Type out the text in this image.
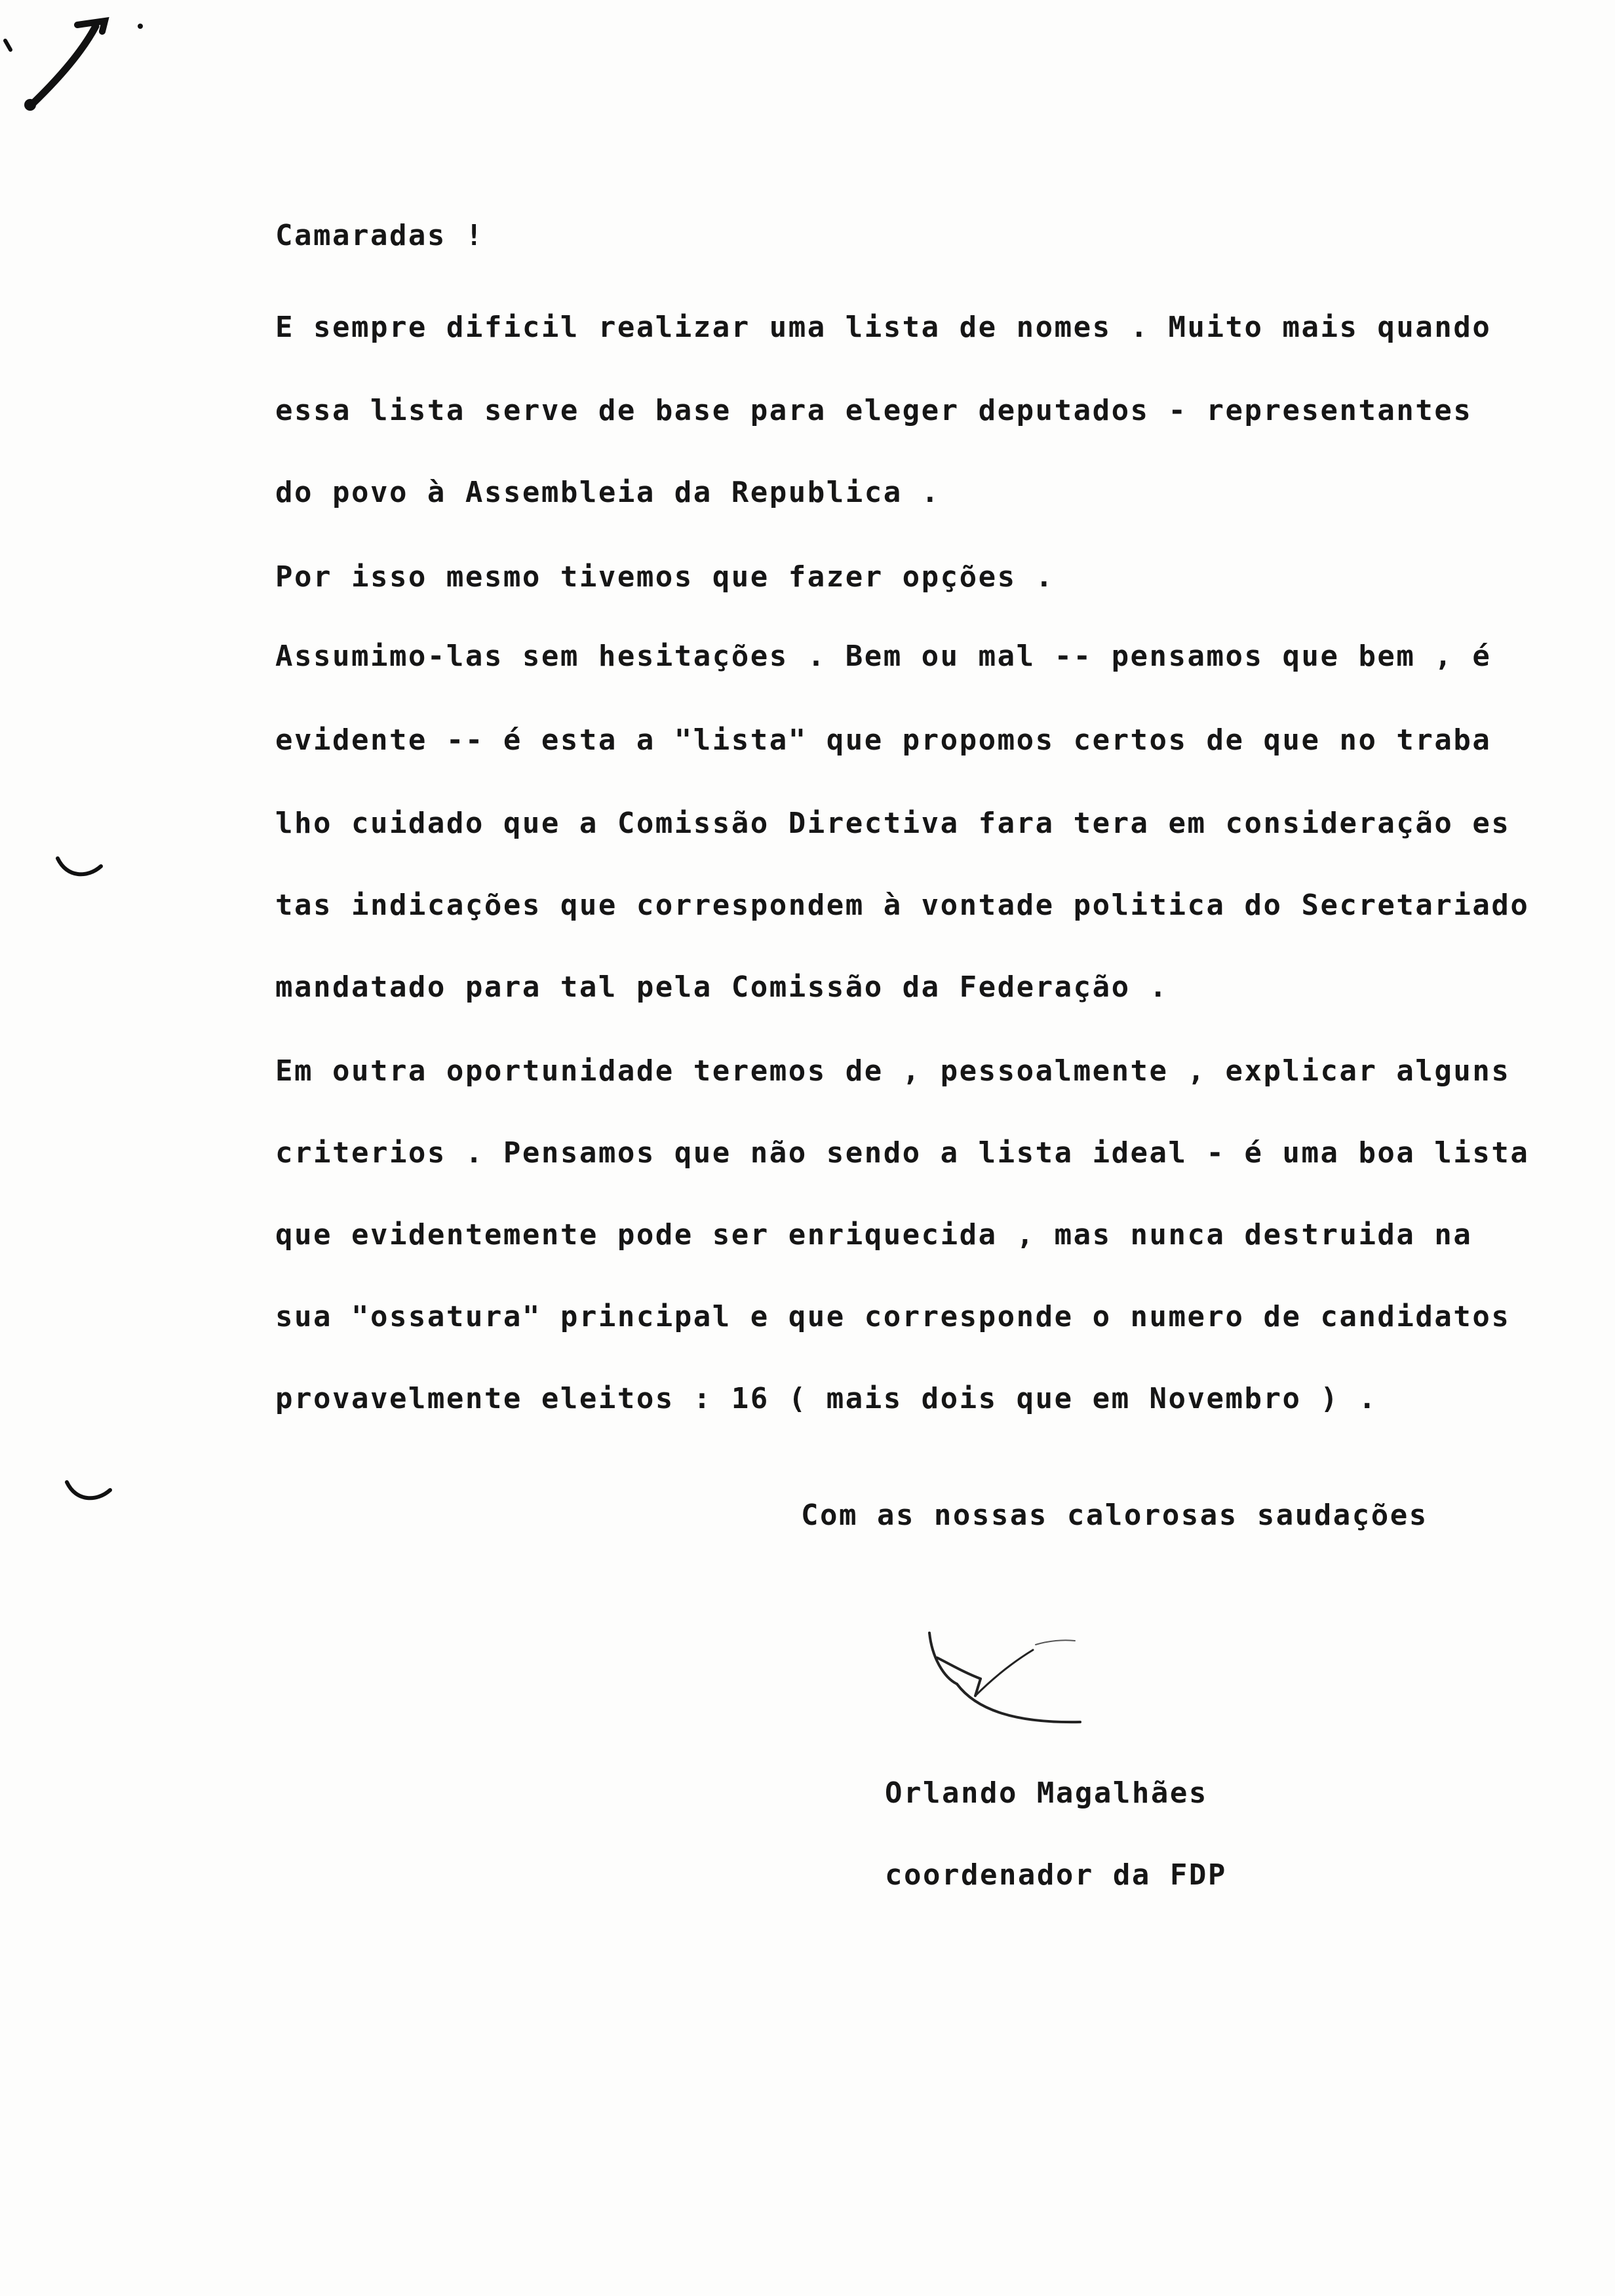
Camaradas !
E sempre dificil realizar uma lista de nomes . Muito mais quando
essa lista serve de base para eleger deputados - representantes
do povo à Assembleia da Republica .
Por isso mesmo tivemos que fazer opções .
Assumimo-las sem hesitações . Bem ou mal -- pensamos que bem , é
evidente -- é esta a "lista" que propomos certos de que no traba
lho cuidado que a Comissão Directiva fara tera em consideração es
tas indicações que correspondem à vontade politica do Secretariado
mandatado para tal pela Comissão da Federação .
Em outra oportunidade teremos de , pessoalmente , explicar alguns
criterios . Pensamos que não sendo a lista ideal - é uma boa lista
que evidentemente pode ser enriquecida , mas nunca destruida na
sua "ossatura" principal e que corresponde o numero de candidatos
provavelmente eleitos : 16 ( mais dois que em Novembro ) .
Com as nossas calorosas saudações
Orlando Magalhães
coordenador da FDP
